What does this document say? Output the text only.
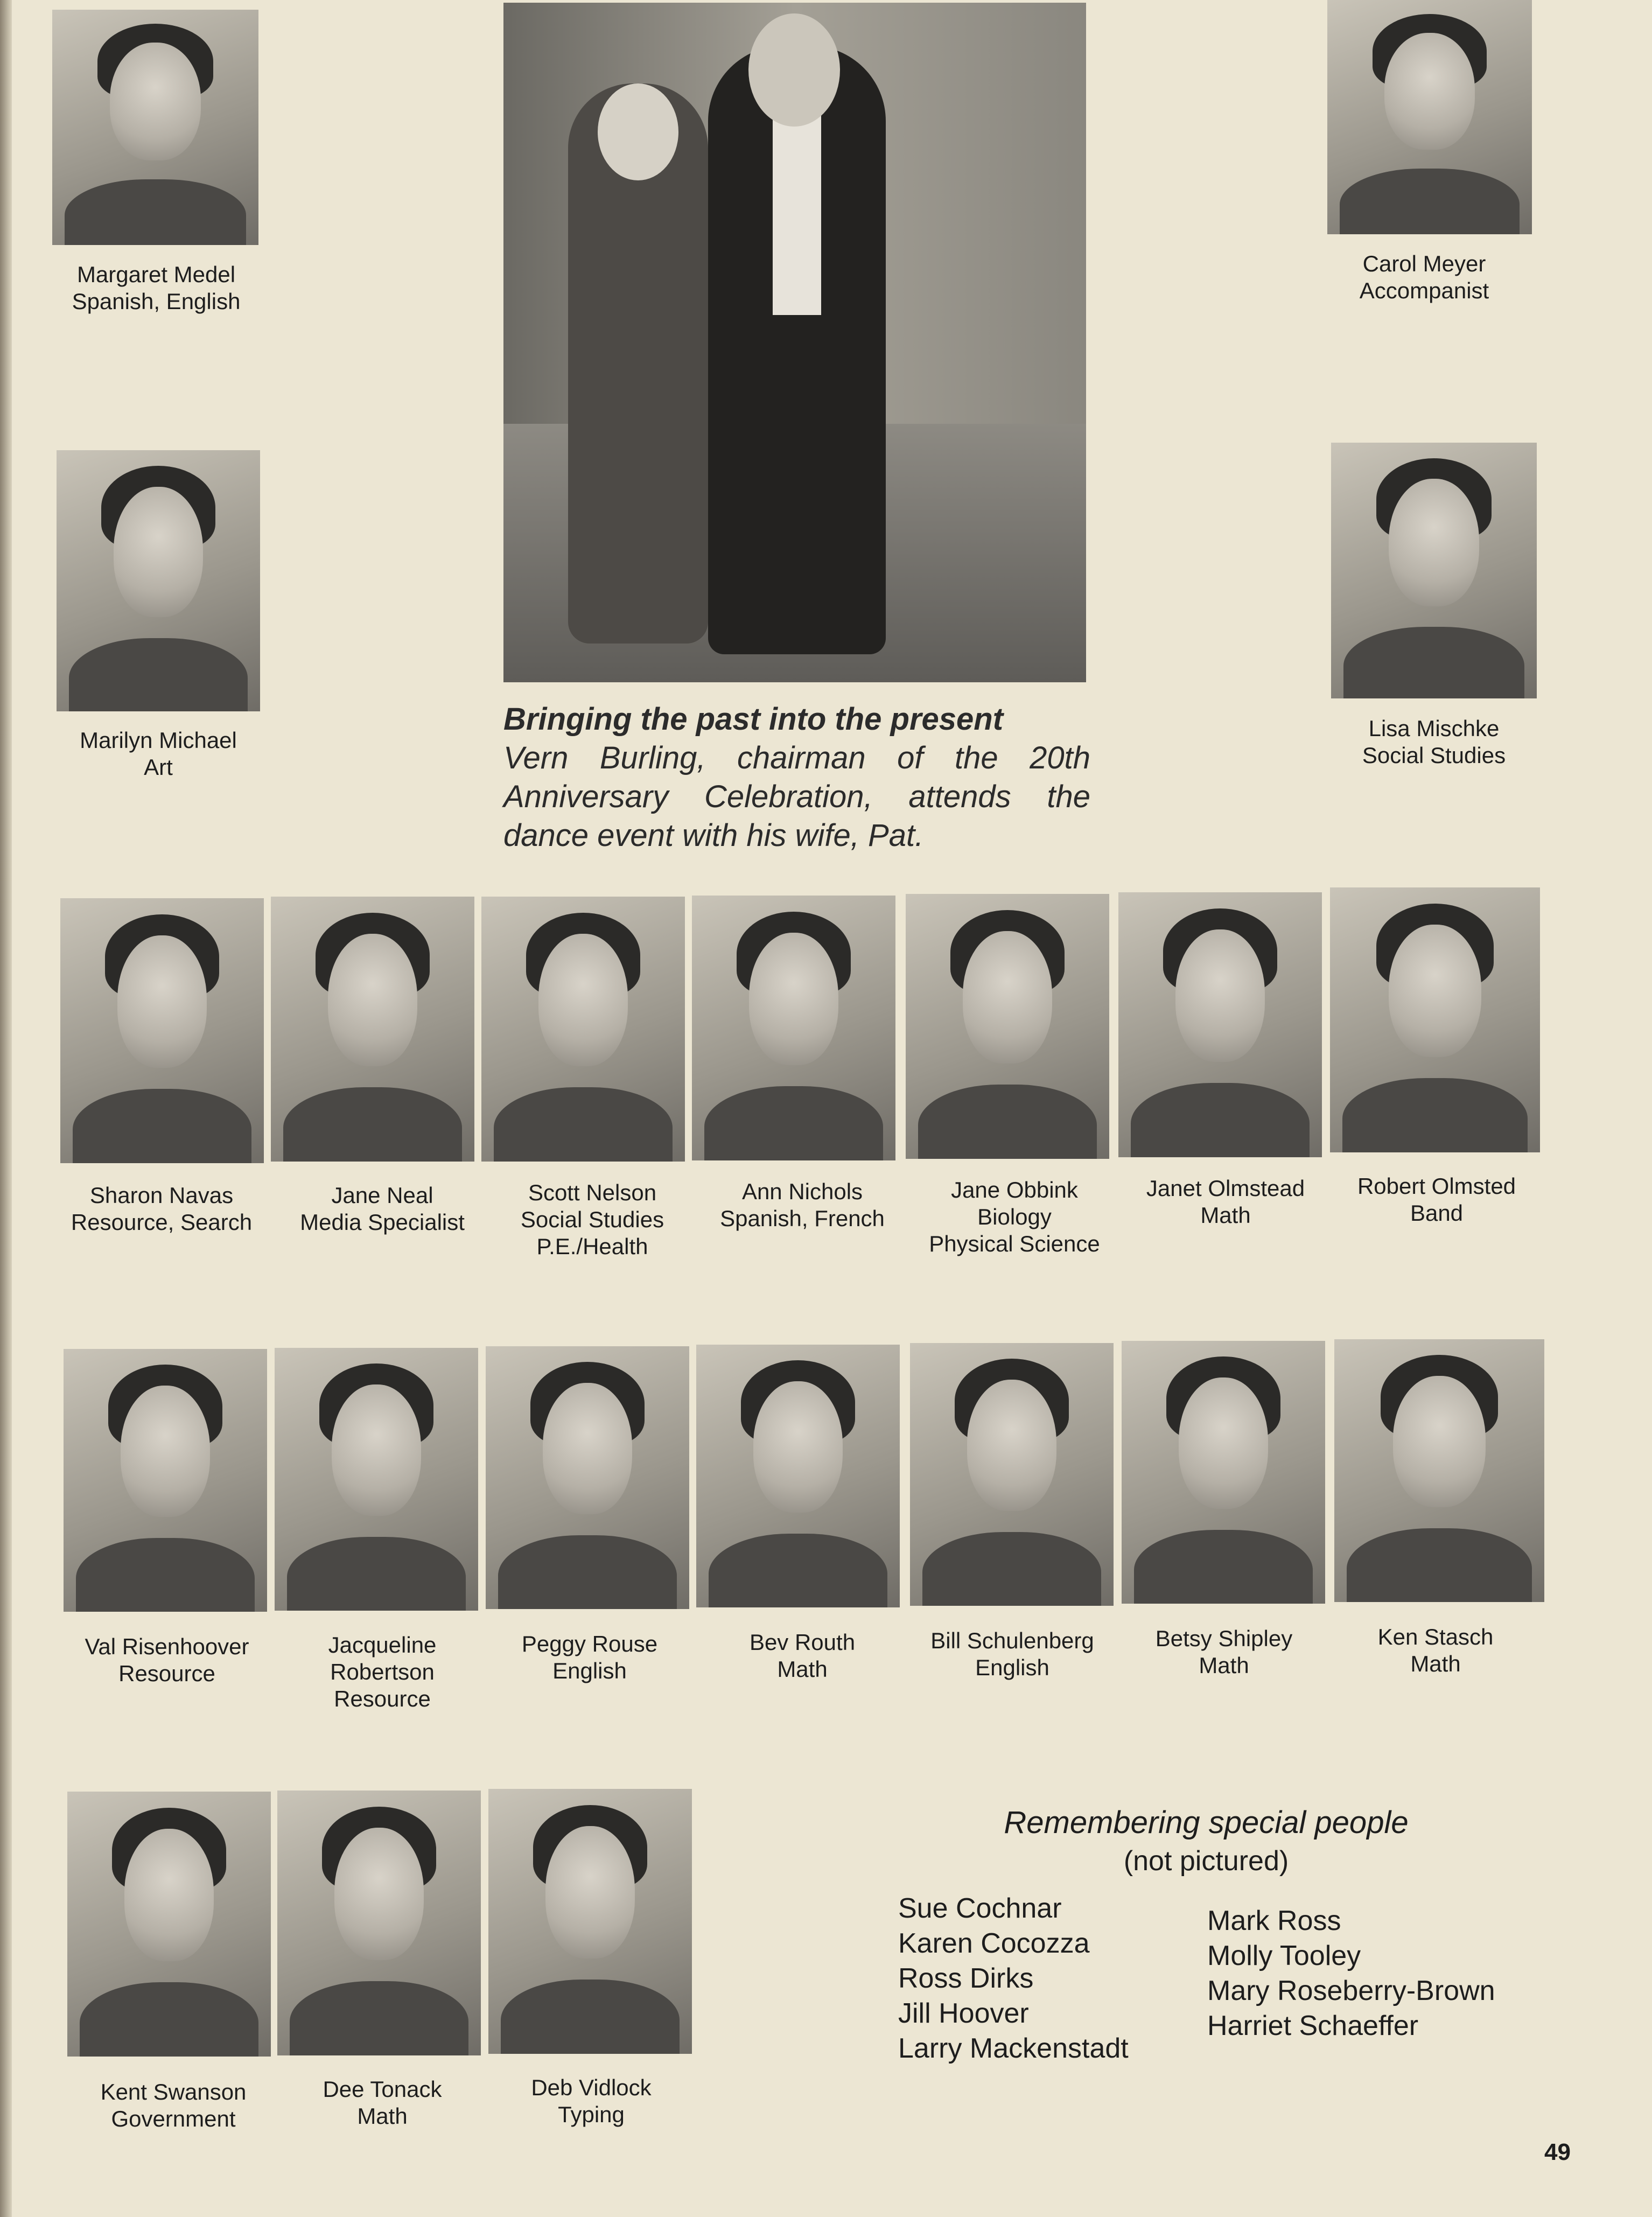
Margaret Medel
Spanish, English
Bringing the past into the present
Vern Burling, chairman of the 20th Anniversary Celebration, attends the dance event with his wife, Pat.
Carol Meyer
Accompanist
Marilyn Michael
Art
Lisa Mischke
Social Studies
Sharon Navas
Resource, Search
Jane Neal
Media Specialist
Scott Nelson
Social Studies
P.E./Health
Ann Nichols
Spanish, French
Jane Obbink
Biology
Physical Science
Janet Olmstead
Math
Robert Olmsted
Band
Val Risenhoover
Resource
Jacqueline
Robertson
Resource
Peggy Rouse
English
Bev Routh
Math
Bill Schulenberg
English
Betsy Shipley
Math
Ken Stasch
Math
Kent Swanson
Government
Dee Tonack
Math
Deb Vidlock
Typing
Remembering special people
(not pictured)
Sue Cochnar
Karen Cocozza
Ross Dirks
Jill Hoover
Larry Mackenstadt
Mark Ross
Molly Tooley
Mary Roseberry-Brown
Harriet Schaeffer
49
